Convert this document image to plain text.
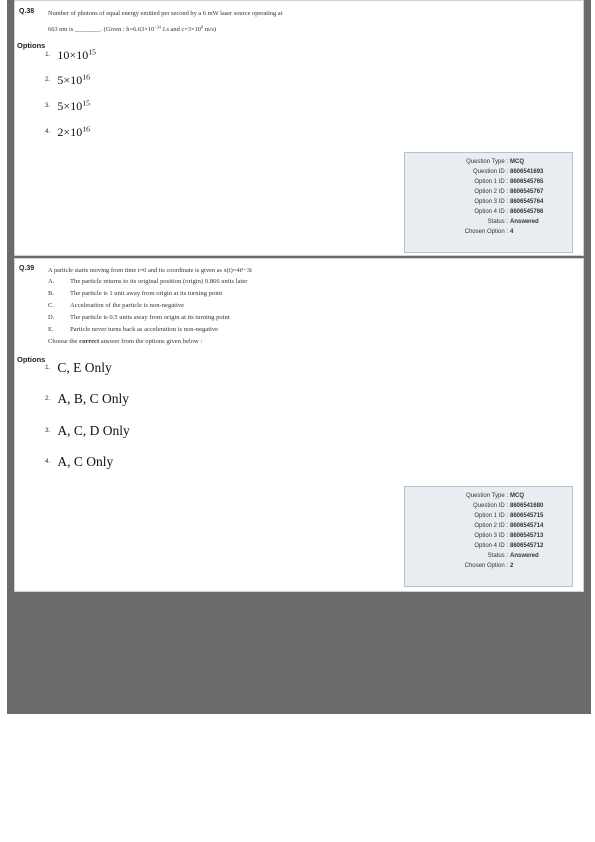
Q.38 Number of photons of equal energy emitted per second by a 6 mW laser source operating at
663 nm is ________. (Given : $h=6.63\times 10^{-34}$ J.s and $c=3\times 10^8$ m/s)
Options
$^{1.}$ $10\times 10^{15}$
$^{2.}$ $5\times 10^{16}$
$^{3.}$ $5\times 10^{15}$
$^{4.}$ $2\times 10^{16}$
Question Type : MCQ
Question ID : 8606541693
Option 1 ID : 8606545765
Option 2 ID : 8606545767
Option 3 ID : 8606545764
Option 4 ID : 8606545766
Status : Answered
Chosen Option : 4
Q.39 A particle starts moving from time t=0 and its coordinate is given as x(t)=4t³−3t
A. The particle returns to its original position (origin) 0.866 units later
B. The particle is 1 unit away from origin at its turning point
C. Acceleration of the particle is non-negative
D. The particle is 0.5 units away from origin at its turning point
E. Particle never turns back as acceleration is non-negative
Choose the correct answer from the options given below :
Options
$^{1.}$ C, E Only
$^{2.}$ A, B, C Only
$^{3.}$ A, C, D Only
$^{4.}$ A, C Only
Question Type : MCQ
Question ID : 8606541680
Option 1 ID : 8606545715
Option 2 ID : 8606545714
Option 3 ID : 8606545713
Option 4 ID : 8606545712
Status : Answered
Chosen Option : 2
